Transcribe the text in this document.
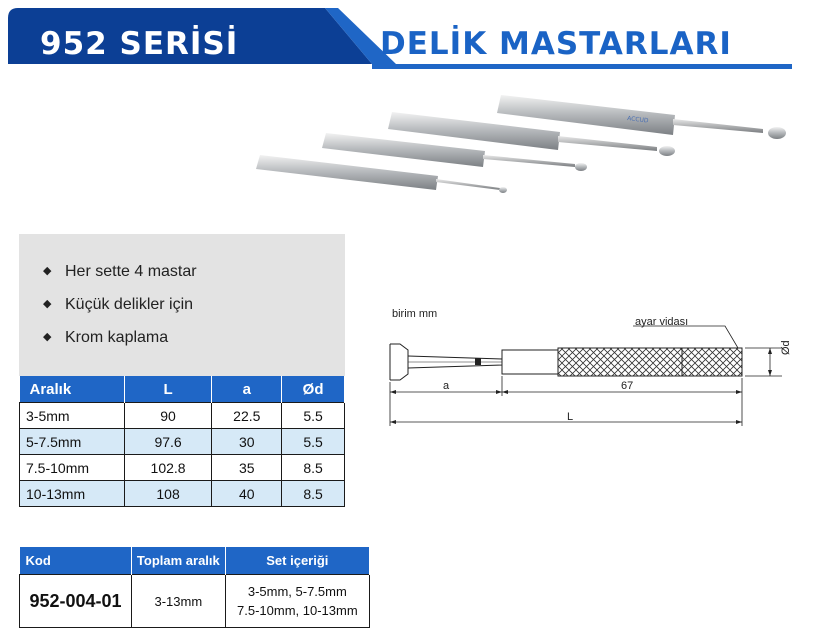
952 SERİSİ	DELİK MASTARLARI
ACCUD
◆ Her sette 4 mastar
◆ Küçük delikler için
◆ Krom kaplama
Aralık	L	a	Ød
3-5mm	90	22.5	5.5
5-7.5mm	97.6	30	5.5
7.5-10mm	102.8	35	8.5
10-13mm	108	40	8.5
Kod	Toplam aralık	Set içeriği
952-004-01	3-13mm	3-5mm, 5-7.5mm
7.5-10mm, 10-13mm
birim mm
ayar vidası
a	67
L
Ød
